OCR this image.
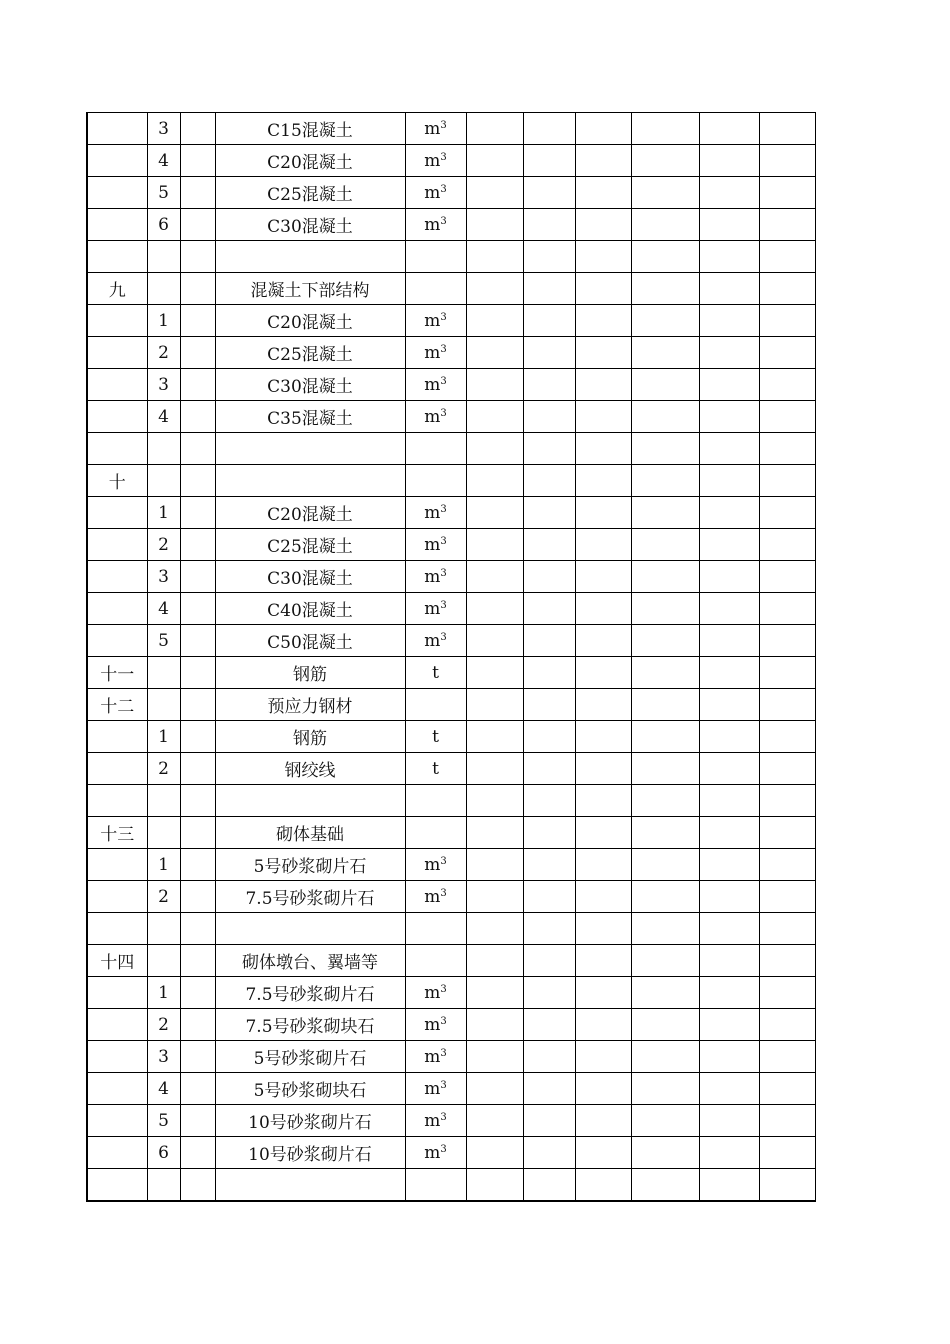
	3		C15混凝土	$m^3$						
	4		C20混凝土	$m^3$						
	5		C25混凝土	$m^3$						
	6		C30混凝土	$m^3$						

九			混凝土下部结构							
	1		C20混凝土	$m^3$						
	2		C25混凝土	$m^3$						
	3		C30混凝土	$m^3$						
	4		C35混凝土	$m^3$						

十										
	1		C20混凝土	$m^3$						
	2		C25混凝土	$m^3$						
	3		C30混凝土	$m^3$						
	4		C40混凝土	$m^3$						
	5		C50混凝土	$m^3$						
十一			钢筋	t						
十二			预应力钢材							
	1		钢筋	t						
	2		钢绞线	t						

十三			砌体基础							
	1		5号砂浆砌片石	$m^3$						
	2		7.5号砂浆砌片石	$m^3$						

十四			砌体墩台、翼墙等							
	1		7.5号砂浆砌片石	$m^3$						
	2		7.5号砂浆砌块石	$m^3$						
	3		5号砂浆砌片石	$m^3$						
	4		5号砂浆砌块石	$m^3$						
	5		10号砂浆砌片石	$m^3$						
	6		10号砂浆砌片石	$m^3$						
